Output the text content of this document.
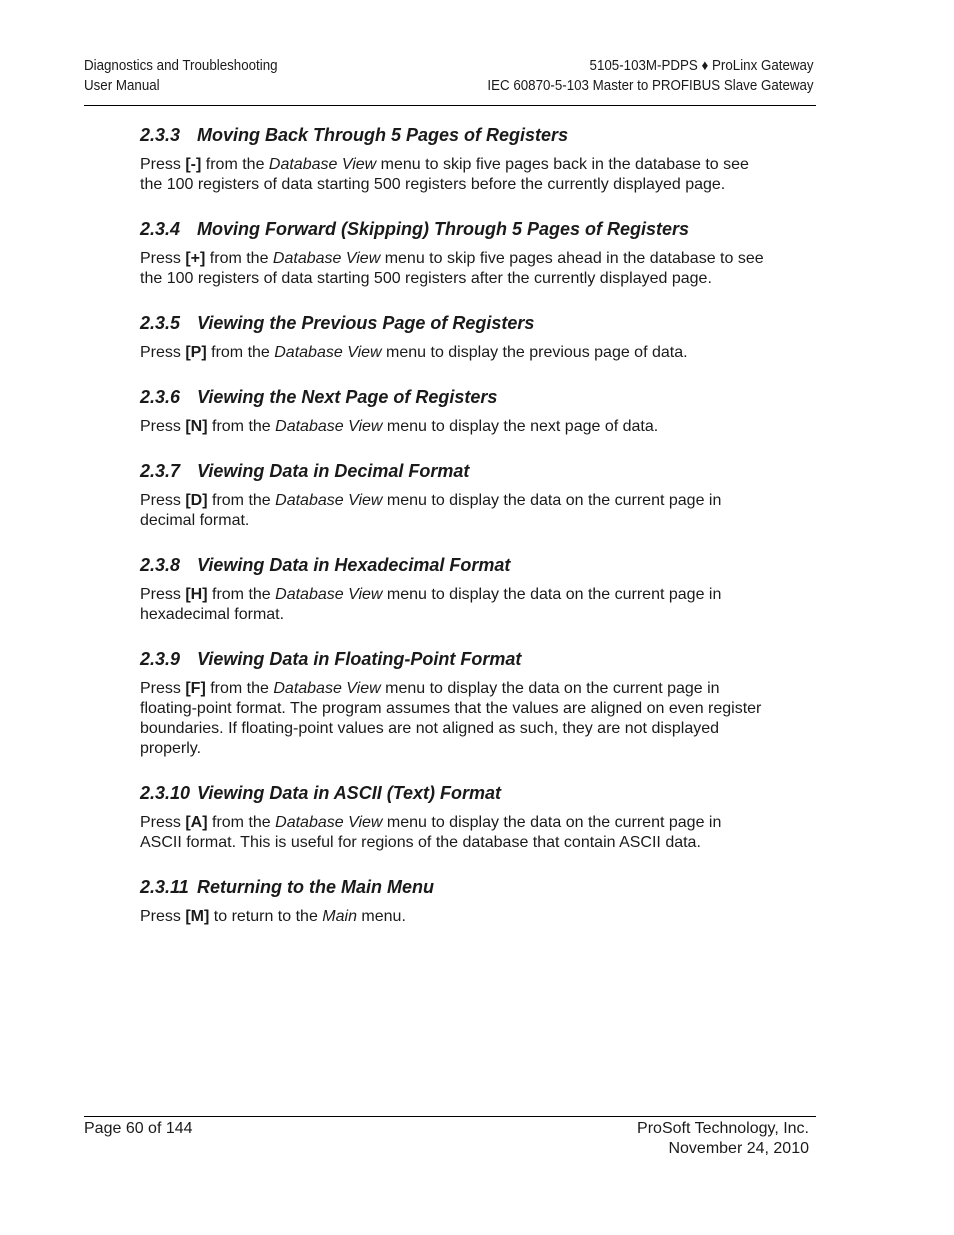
Diagnostics and Troubleshooting
User Manual
5105-103M-PDPS ♦ ProLinx Gateway
IEC 60870-5-103 Master to PROFIBUS Slave Gateway
2.3.3 Moving Back Through 5 Pages of Registers

Press [-] from the Database View menu to skip five pages back in the database to see the 100 registers of data starting 500 registers before the currently displayed page.

2.3.4 Moving Forward (Skipping) Through 5 Pages of Registers

Press [+] from the Database View menu to skip five pages ahead in the database to see the 100 registers of data starting 500 registers after the currently displayed page.

2.3.5 Viewing the Previous Page of Registers

Press [P] from the Database View menu to display the previous page of data.

2.3.6 Viewing the Next Page of Registers

Press [N] from the Database View menu to display the next page of data.

2.3.7 Viewing Data in Decimal Format

Press [D] from the Database View menu to display the data on the current page in decimal format.

2.3.8 Viewing Data in Hexadecimal Format

Press [H] from the Database View menu to display the data on the current page in hexadecimal format.

2.3.9 Viewing Data in Floating-Point Format

Press [F] from the Database View menu to display the data on the current page in floating-point format. The program assumes that the values are aligned on even register boundaries. If floating-point values are not aligned as such, they are not displayed properly.

2.3.10 Viewing Data in ASCII (Text) Format

Press [A] from the Database View menu to display the data on the current page in ASCII format. This is useful for regions of the database that contain ASCII data.

2.3.11 Returning to the Main Menu

Press [M] to return to the Main menu.

Page 60 of 144	ProSoft Technology, Inc.
November 24, 2010
